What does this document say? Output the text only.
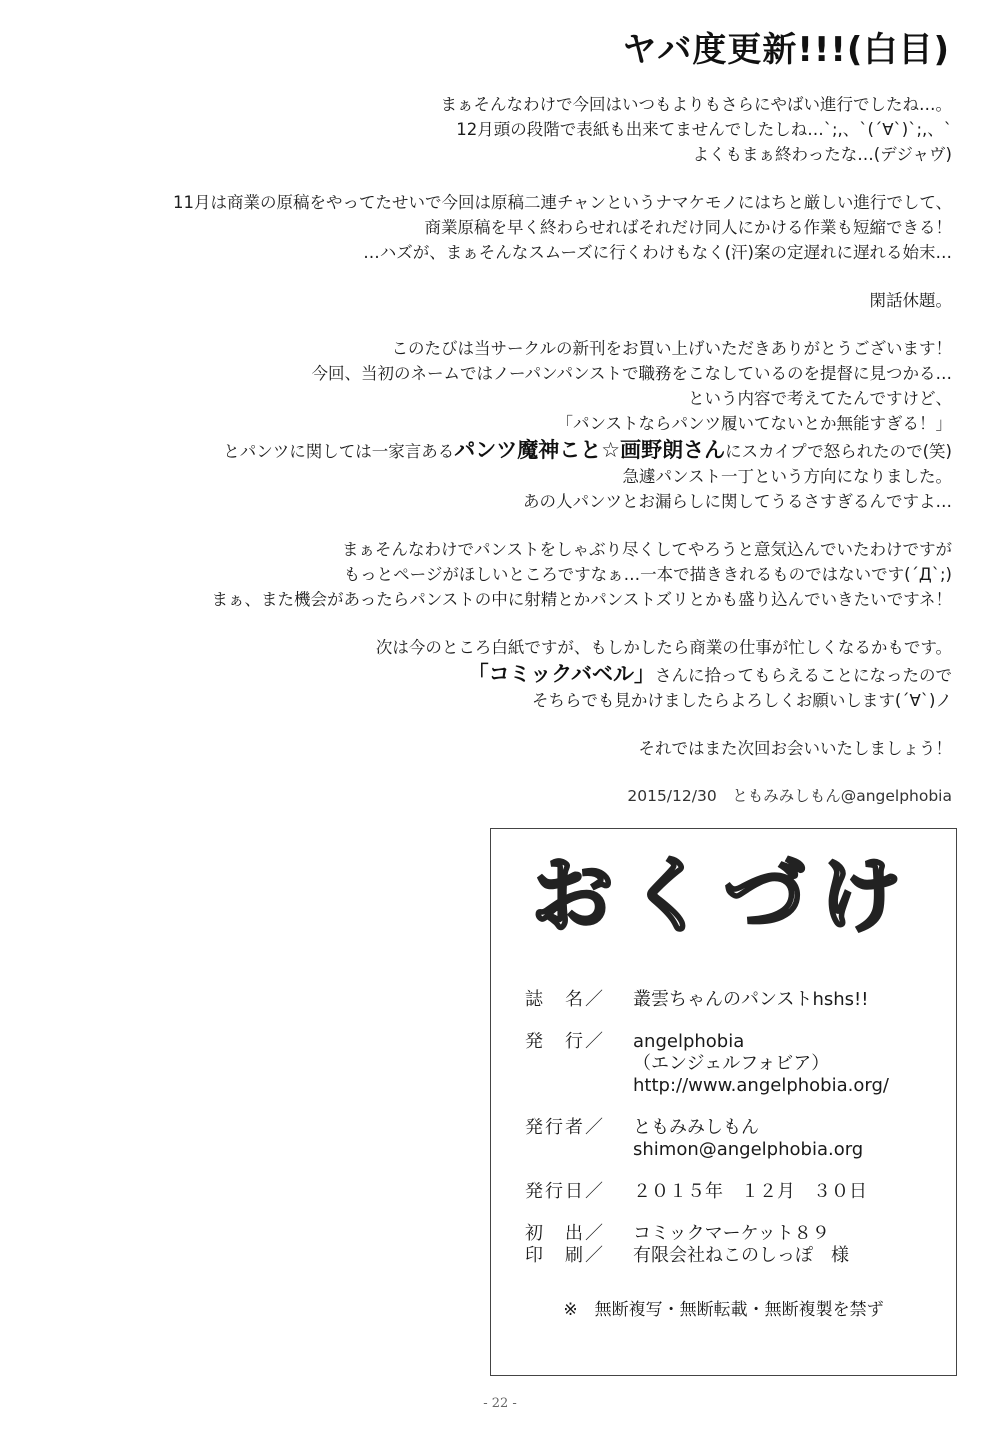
ヤバ度更新!!!(白目)
まぁそんなわけで今回はいつもよりもさらにやばい進行でしたね…。
12月頭の段階で表紙も出来てませんでしたしね…`;,、`(´∀`)`;,、`
よくもまぁ終わったな…(デジャヴ)
11月は商業の原稿をやってたせいで今回は原稿二連チャンというナマケモノにはちと厳しい進行でして、
商業原稿を早く終わらせればそれだけ同人にかける作業も短縮できる！
…ハズが、まぁそんなスムーズに行くわけもなく(汗)案の定遅れに遅れる始末…
閑話休題。
このたびは当サークルの新刊をお買い上げいただきありがとうございます！
今回、当初のネームではノーパンパンストで職務をこなしているのを提督に見つかる…
という内容で考えてたんですけど、
「パンストならパンツ履いてないとか無能すぎる！」
とパンツに関しては一家言あるパンツ魔神こと☆画野朗さんにスカイプで怒られたので(笑)
急遽パンスト一丁という方向になりました。
あの人パンツとお漏らしに関してうるさすぎるんですよ…
まぁそんなわけでパンストをしゃぶり尽くしてやろうと意気込んでいたわけですが
もっとページがほしいところですなぁ…一本で描ききれるものではないです(´Д`;)
まぁ、また機会があったらパンストの中に射精とかパンストズリとかも盛り込んでいきたいですネ！
次は今のところ白紙ですが、もしかしたら商業の仕事が忙しくなるかもです。
「コミックバベル」さんに拾ってもらえることになったので
そちらでも見かけましたらよろしくお願いします(´∀`)ノ
それではまた次回お会いいたしましょう！
2015/12/30　ともみみしもん@angelphobia
おくづけ
誌　名／	叢雲ちゃんのパンストhshs!!
発　行／	angelphobia
（エンジェルフォビア）
http://www.angelphobia.org/
発行者／	ともみみしもん
shimon@angelphobia.org
発行日／	２０１５年　１２月　３０日
初　出／	コミックマーケット８９
印　刷／	有限会社ねこのしっぽ　様
※　無断複写・無断転載・無断複製を禁ず
- 22 -
